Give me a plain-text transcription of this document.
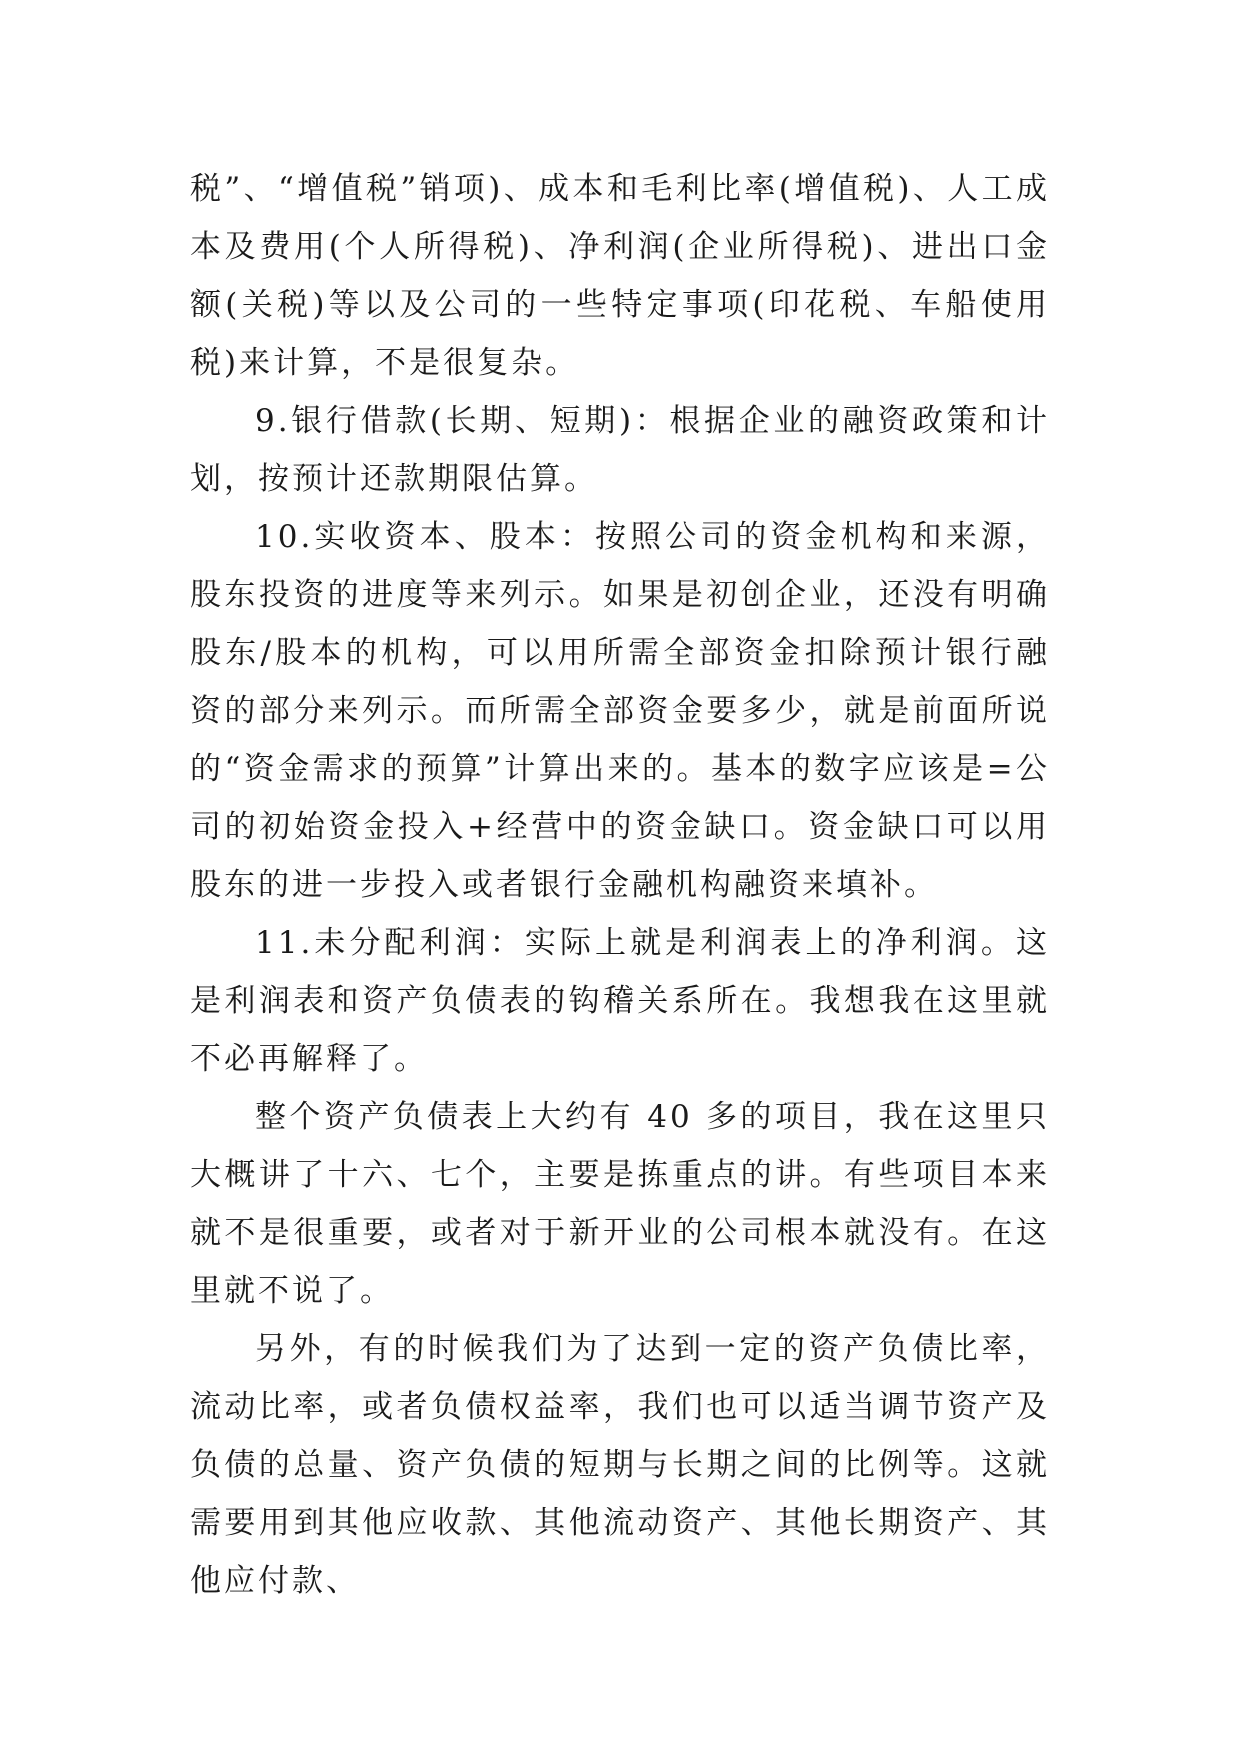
税”、“增值税”销项)、成本和毛利比率(增值税)、人工成本及费用(个人所得税)、净利润(企业所得税)、进出口金额(关税)等以及公司的一些特定事项(印花税、车船使用税)来计算，不是很复杂。

9.银行借款(长期、短期)：根据企业的融资政策和计划，按预计还款期限估算。

10.实收资本、股本：按照公司的资金机构和来源，股东投资的进度等来列示。如果是初创企业，还没有明确股东/股本的机构，可以用所需全部资金扣除预计银行融资的部分来列示。而所需全部资金要多少，就是前面所说的“资金需求的预算”计算出来的。基本的数字应该是=公司的初始资金投入+经营中的资金缺口。资金缺口可以用股东的进一步投入或者银行金融机构融资来填补。

11.未分配利润：实际上就是利润表上的净利润。这是利润表和资产负债表的钩稽关系所在。我想我在这里就不必再解释了。

整个资产负债表上大约有 40 多的项目，我在这里只大概讲了十六、七个，主要是拣重点的讲。有些项目本来就不是很重要，或者对于新开业的公司根本就没有。在这里就不说了。

另外，有的时候我们为了达到一定的资产负债比率，流动比率，或者负债权益率，我们也可以适当调节资产及负债的总量、资产负债的短期与长期之间的比例等。这就需要用到其他应收款、其他流动资产、其他长期资产、其他应付款、
